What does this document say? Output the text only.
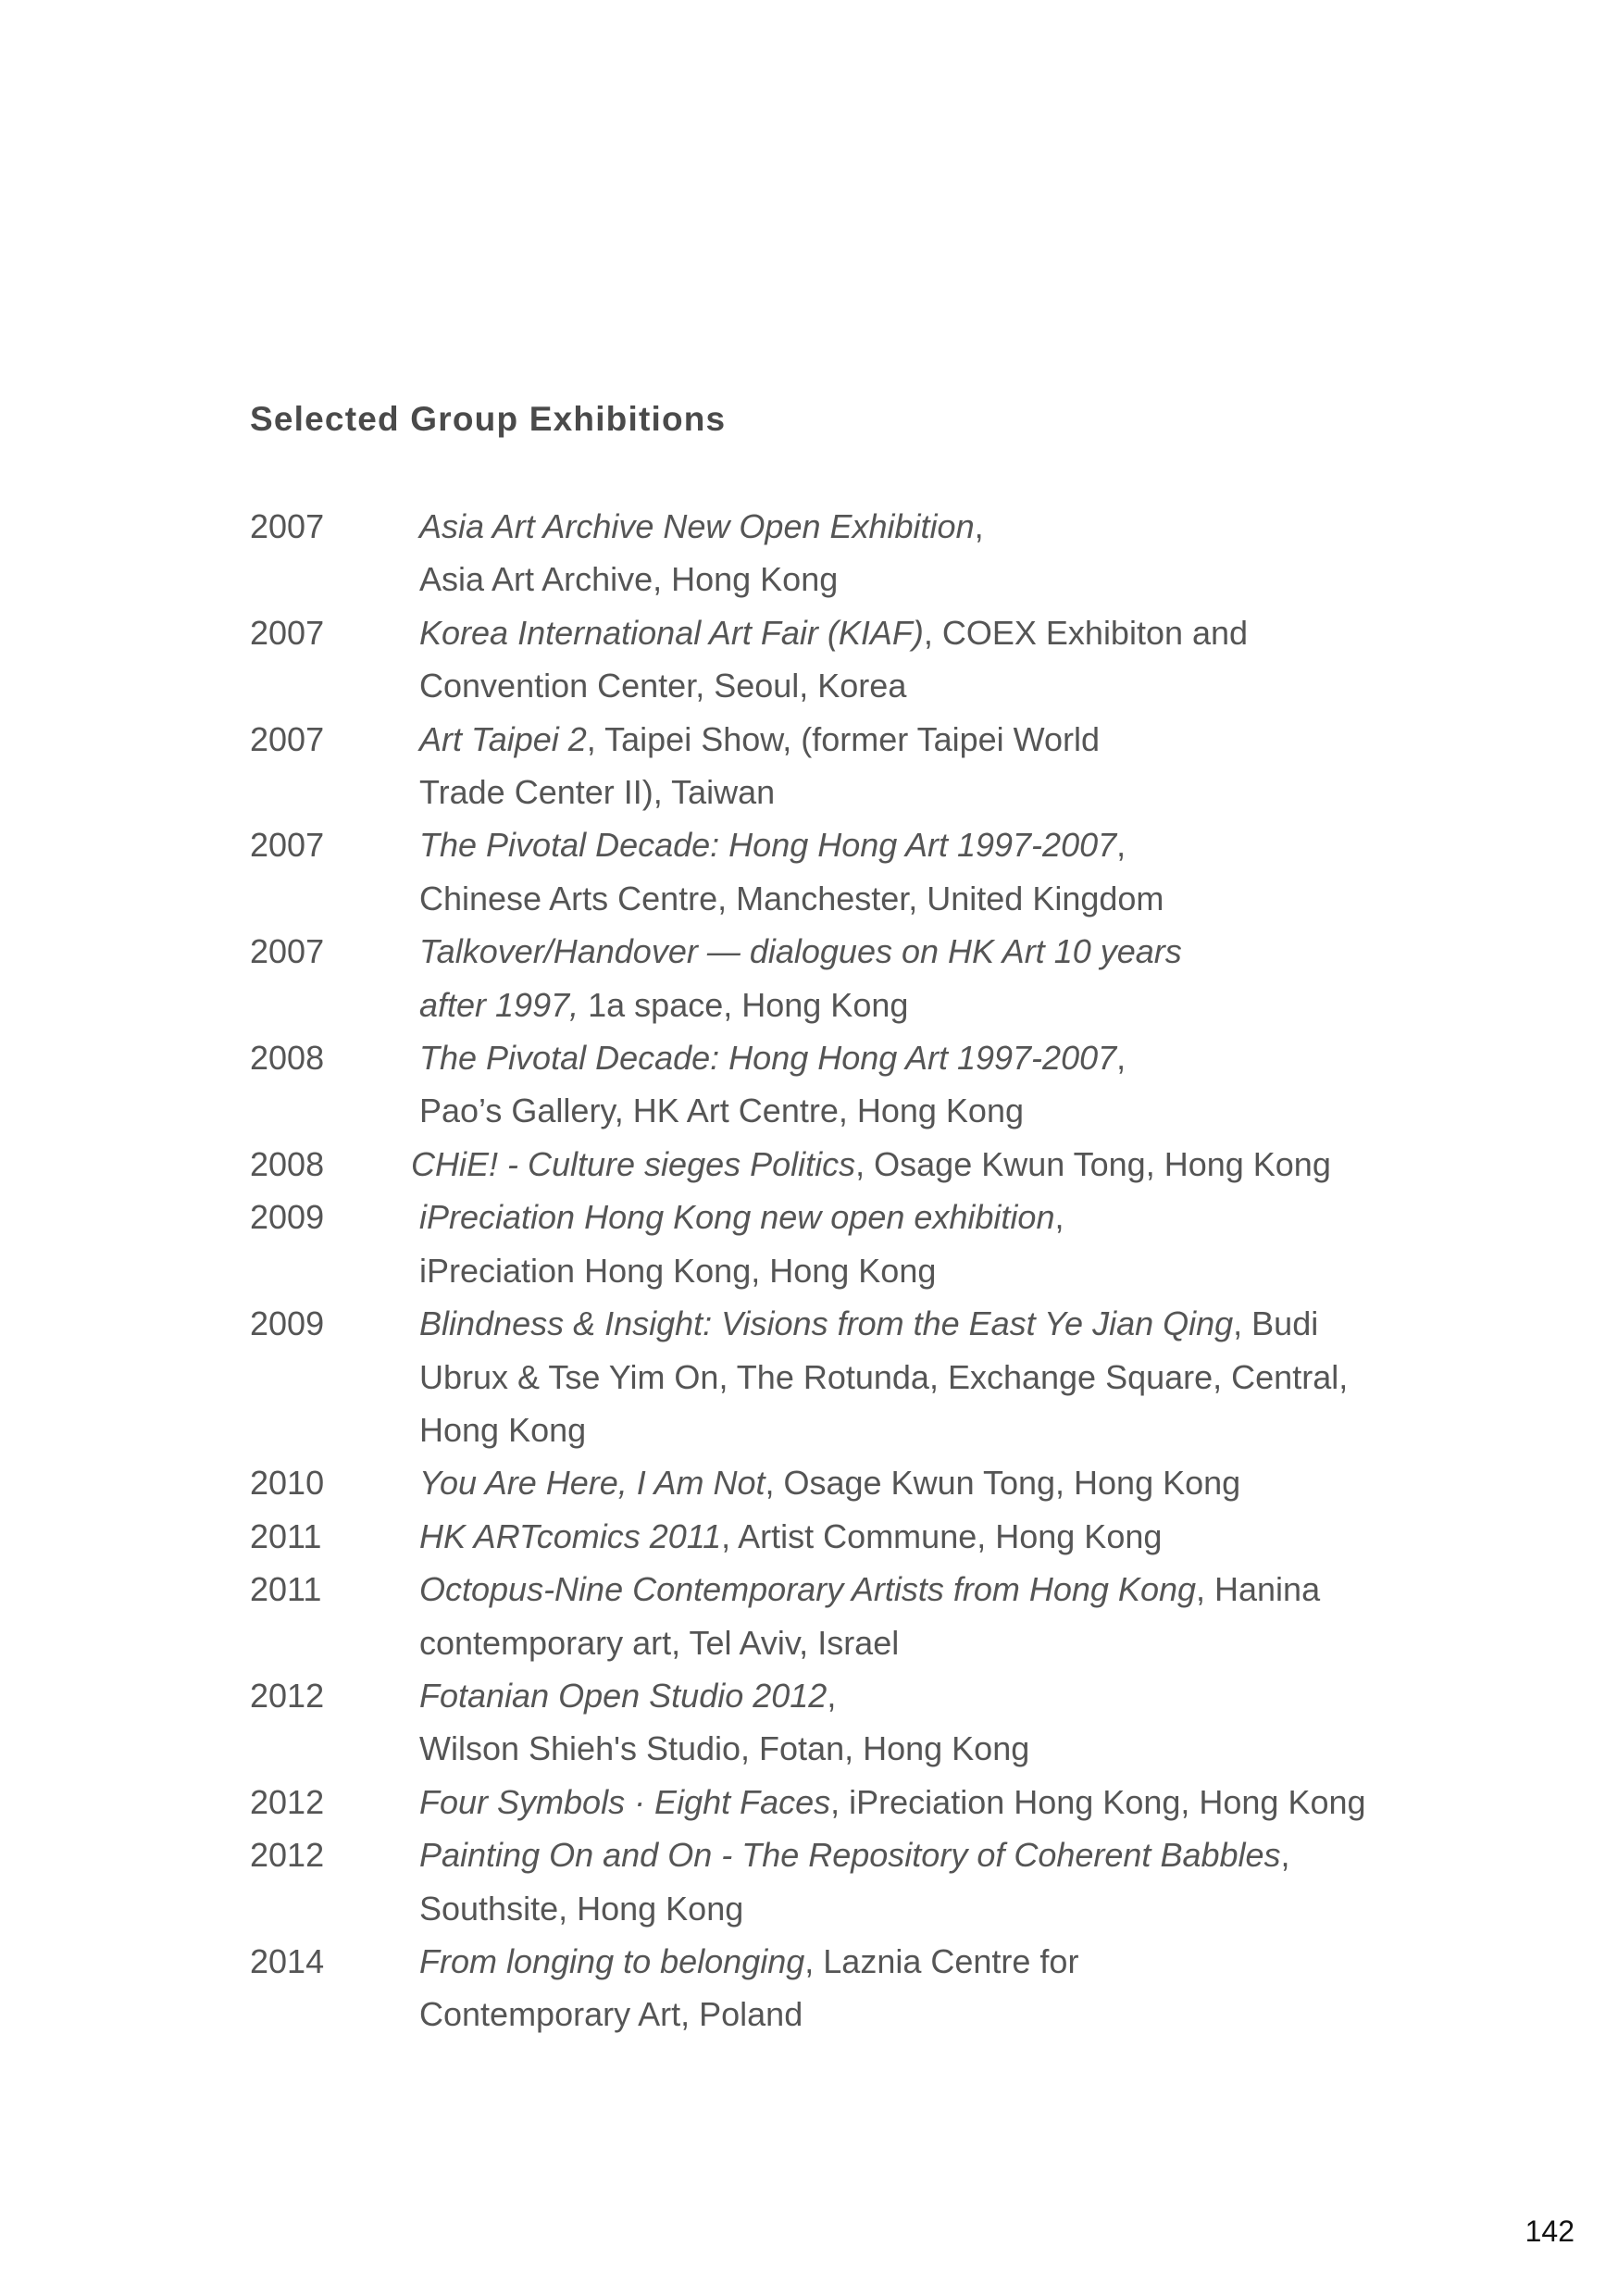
Selected Group Exhibitions
2007	Asia Art Archive New Open Exhibition,
Asia Art Archive, Hong Kong
2007	Korea International Art Fair (KIAF), COEX Exhibiton and
Convention Center, Seoul, Korea
2007	Art Taipei 2, Taipei Show, (former Taipei World
Trade Center II), Taiwan
2007	The Pivotal Decade: Hong Hong Art 1997-2007,
Chinese Arts Centre, Manchester, United Kingdom
2007	Talkover/Handover — dialogues on HK Art 10 years
after 1997, 1a space, Hong Kong
2008	The Pivotal Decade: Hong Hong Art 1997-2007,
Pao’s Gallery, HK Art Centre, Hong Kong
2008	CHiE! - Culture sieges Politics, Osage Kwun Tong, Hong Kong
2009	iPreciation Hong Kong new open exhibition,
iPreciation Hong Kong, Hong Kong
2009	Blindness & Insight: Visions from the East Ye Jian Qing, Budi
Ubrux & Tse Yim On, The Rotunda, Exchange Square, Central,
Hong Kong
2010	You Are Here, I Am Not, Osage Kwun Tong, Hong Kong
2011	HK ARTcomics 2011, Artist Commune, Hong Kong
2011	Octopus-Nine Contemporary Artists from Hong Kong, Hanina
contemporary art, Tel Aviv, Israel
2012	Fotanian Open Studio 2012,
Wilson Shieh's Studio, Fotan, Hong Kong
2012	Four Symbols · Eight Faces, iPreciation Hong Kong, Hong Kong
2012	Painting On and On - The Repository of Coherent Babbles,
Southsite, Hong Kong
2014	From longing to belonging, Laznia Centre for
Contemporary Art, Poland
142
